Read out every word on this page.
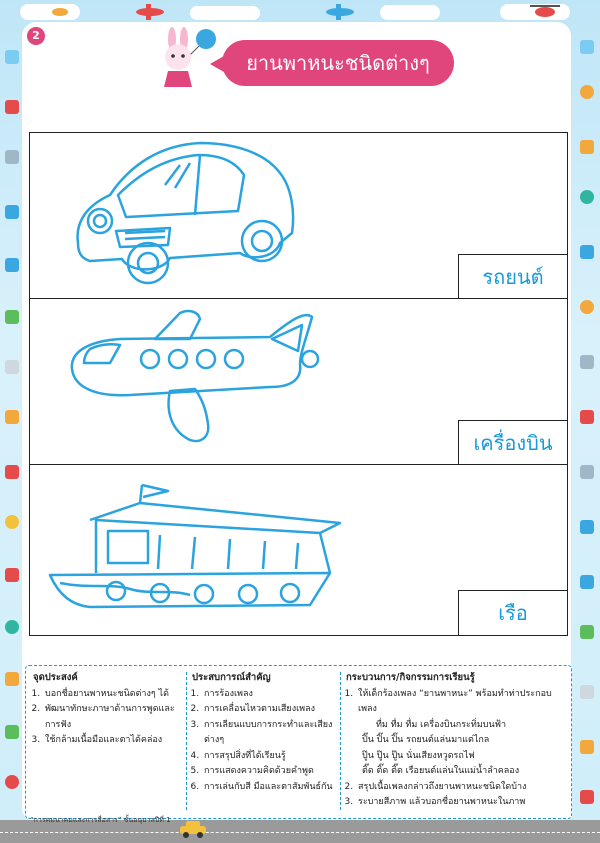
2
ยานพาหนะชนิดต่างๆ
รถยนต์
เครื่องบิน
เรือ
จุดประสงค์
1. บอกชื่อยานพาหนะชนิดต่างๆ ได้
2. พัฒนาทักษะภาษาด้านการพูดและการฟัง
3. ใช้กล้ามเนื้อมือและตาได้คล่อง
ประสบการณ์สำคัญ
1. การร้องเพลง
2. การเคลื่อนไหวตามเสียงเพลง
3. การเลียนแบบการกระทำและเสียงต่างๆ
4. การสรุปสิ่งที่ได้เรียนรู้
5. การแสดงความคิดด้วยคำพูด
6. การเล่นกับสี มือและตาสัมพันธ์กัน
กระบวนการ/กิจกรรมการเรียนรู้
1. ให้เด็กร้องเพลง “ยานพาหนะ” พร้อมทำท่าประกอบเพลง
ทื่ม ทื่ม ทื่ม เครื่องบินกระทิ่มบนฟ้า
ปิ๊น ปิ๊น ปิ๊น รถยนต์แล่นมาแต่ไกล
ปู๊น ปู๊น ปู๊น นั่นเสียงหวูดรถไฟ
ติ๊ด ติ๊ด ติ๊ด เรือยนต์แล่นในแม่น้ำลำคลอง
2. สรุปเนื้อเพลงกล่าวถึงยานพาหนะชนิดใดบ้าง
3. ระบายสีภาพ แล้วบอกชื่อยานพาหนะในภาพ
“การคมนาคมและการสื่อสาร” ชั้นอนุบาลปีที่ 1
